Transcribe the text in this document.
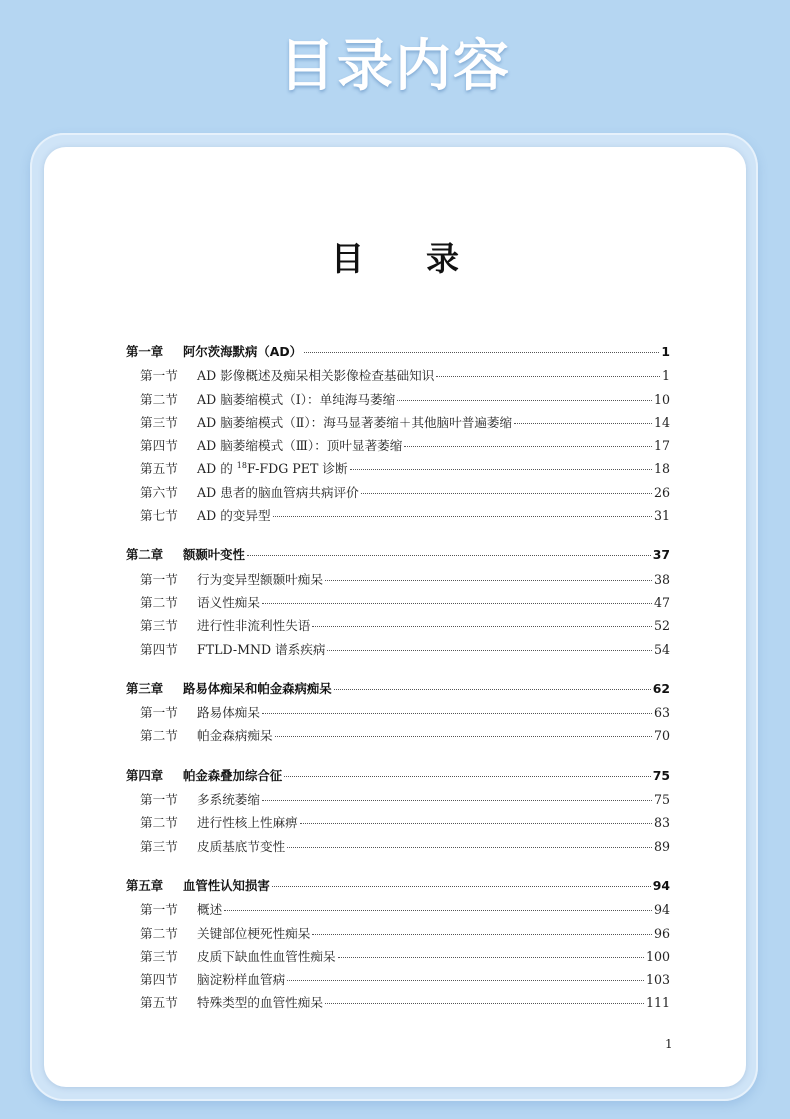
目录内容
目 录
第一章	阿尔茨海默病（AD）	1
第一节	AD 影像概述及痴呆相关影像检查基础知识	1
第二节	AD 脑萎缩模式（Ⅰ）：单纯海马萎缩	10
第三节	AD 脑萎缩模式（Ⅱ）：海马显著萎缩＋其他脑叶普遍萎缩	14
第四节	AD 脑萎缩模式（Ⅲ）：顶叶显著萎缩	17
第五节	AD 的 $^{18}$F-FDG PET 诊断	18
第六节	AD 患者的脑血管病共病评价	26
第七节	AD 的变异型	31
第二章	额颞叶变性	37
第一节	行为变异型额颞叶痴呆	38
第二节	语义性痴呆	47
第三节	进行性非流利性失语	52
第四节	FTLD-MND 谱系疾病	54
第三章	路易体痴呆和帕金森病痴呆	62
第一节	路易体痴呆	63
第二节	帕金森病痴呆	70
第四章	帕金森叠加综合征	75
第一节	多系统萎缩	75
第二节	进行性核上性麻痹	83
第三节	皮质基底节变性	89
第五章	血管性认知损害	94
第一节	概述	94
第二节	关键部位梗死性痴呆	96
第三节	皮质下缺血性血管性痴呆	100
第四节	脑淀粉样血管病	103
第五节	特殊类型的血管性痴呆	111
1
